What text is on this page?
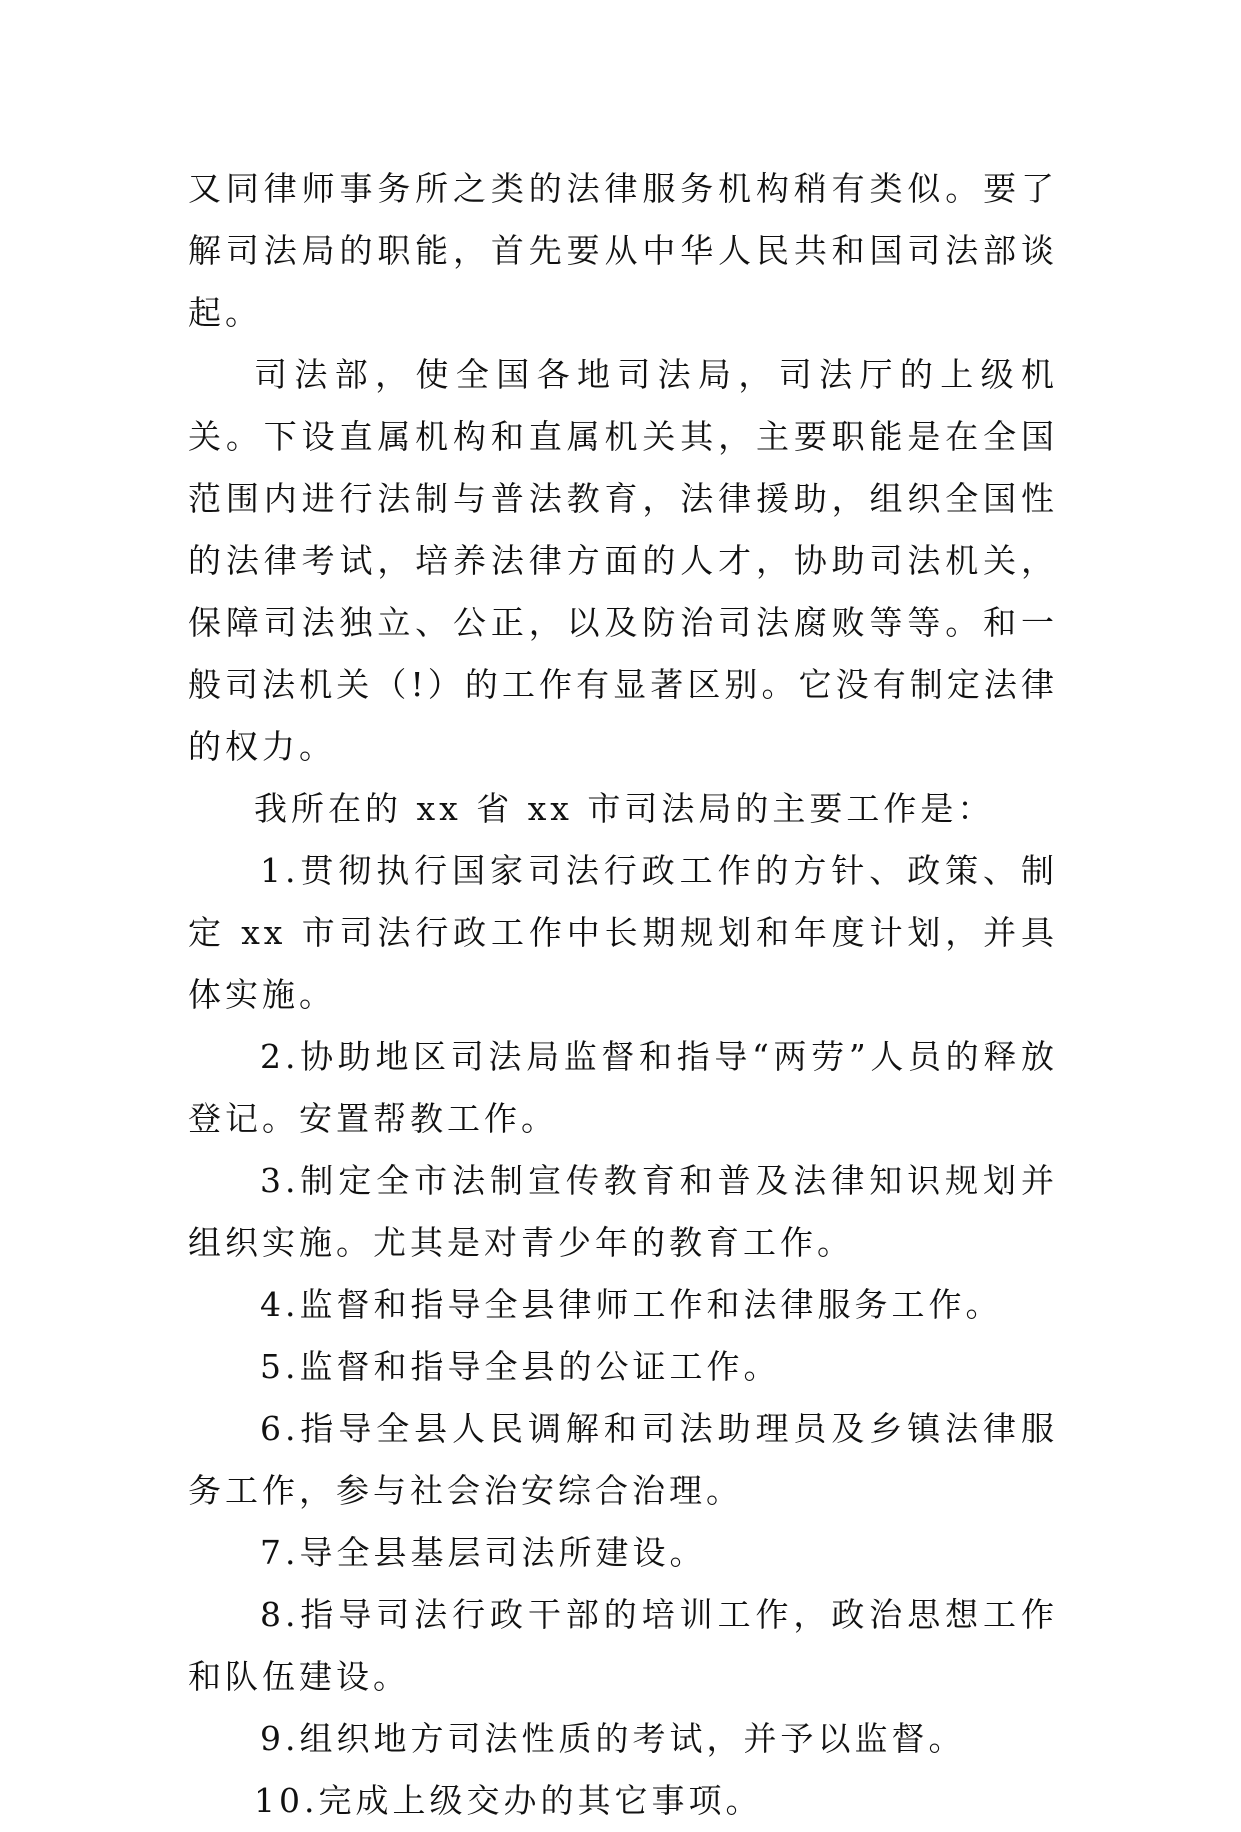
又同律师事务所之类的法律服务机构稍有类似。要了解司法局的职能，首先要从中华人民共和国司法部谈起。

司法部，使全国各地司法局，司法厅的上级机关。下设直属机构和直属机关其，主要职能是在全国范围内进行法制与普法教育，法律援助，组织全国性的法律考试，培养法律方面的人才，协助司法机关，保障司法独立、公正，以及防治司法腐败等等。和一般司法机关（!）的工作有显著区别。它没有制定法律的权力。

我所在的 xx 省 xx 市司法局的主要工作是：

1.贯彻执行国家司法行政工作的方针、政策、制定 xx 市司法行政工作中长期规划和年度计划，并具体实施。

2.协助地区司法局监督和指导“两劳”人员的释放登记。安置帮教工作。

3.制定全市法制宣传教育和普及法律知识规划并组织实施。尤其是对青少年的教育工作。

4.监督和指导全县律师工作和法律服务工作。

5.监督和指导全县的公证工作。

6.指导全县人民调解和司法助理员及乡镇法律服务工作，参与社会治安综合治理。

7.导全县基层司法所建设。

8.指导司法行政干部的培训工作，政治思想工作和队伍建设。

9.组织地方司法性质的考试，并予以监督。

10.完成上级交办的其它事项。
